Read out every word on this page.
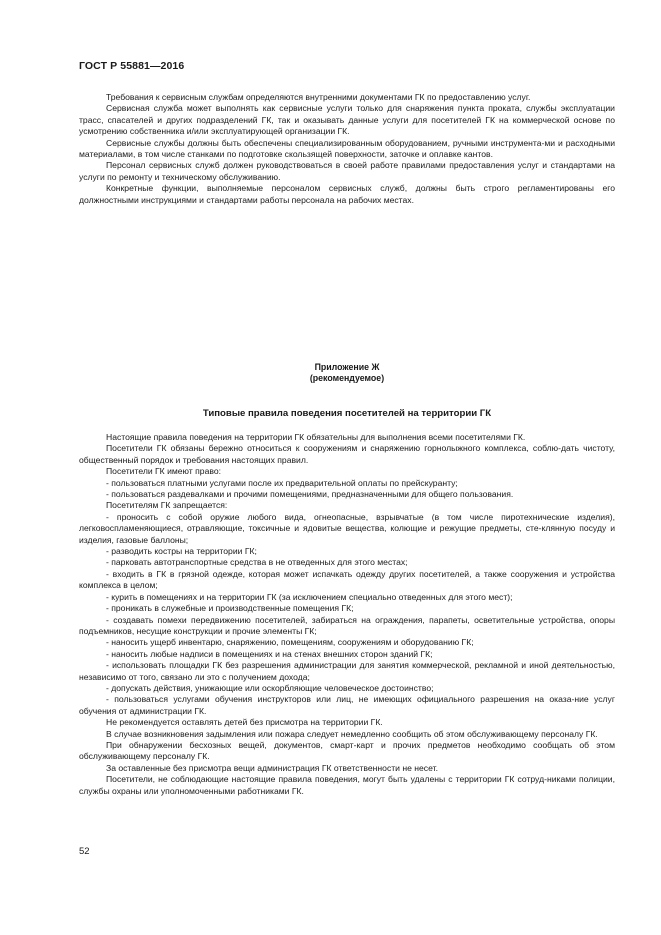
ГОСТ Р 55881—2016

Требования к сервисным службам определяются внутренними документами ГК по предоставлению услуг.

Сервисная служба может выполнять как сервисные услуги только для снаряжения пункта проката, службы эксплуатации трасс, спасателей и других подразделений ГК, так и оказывать данные услуги для посетителей ГК на коммерческой основе по усмотрению собственника и/или эксплуатирующей организации ГК.

Сервисные службы должны быть обеспечены специализированным оборудованием, ручными инструмента-ми и расходными материалами, в том числе станками по подготовке скользящей поверхности, заточке и оплавке кантов.

Персонал сервисных служб должен руководствоваться в своей работе правилами предоставления услуг и стандартами на услуги по ремонту и техническому обслуживанию.

Конкретные функции, выполняемые персоналом сервисных служб, должны быть строго регламентированы его должностными инструкциями и стандартами работы персонала на рабочих местах.

Приложение Ж
(рекомендуемое)
Типовые правила поведения посетителей на территории ГК

Настоящие правила поведения на территории ГК обязательны для выполнения всеми посетителями ГК.

Посетители ГК обязаны бережно относиться к сооружениям и снаряжению горнолыжного комплекса, соблю-дать чистоту, общественный порядок и требования настоящих правил.

Посетители ГК имеют право:

- пользоваться платными услугами после их предварительной оплаты по прейскуранту;

- пользоваться раздевалками и прочими помещениями, предназначенными для общего пользования.

Посетителям ГК запрещается:

- проносить с собой оружие любого вида, огнеопасные, взрывчатые (в том числе пиротехнические изделия), легковоспламеняющиеся, отравляющие, токсичные и ядовитые вещества, колющие и режущие предметы, сте-клянную посуду и изделия, газовые баллоны;

- разводить костры на территории ГК;

- парковать автотранспортные средства в не отведенных для этого местах;

- входить в ГК в грязной одежде, которая может испачкать одежду других посетителей, а также сооружения и устройства комплекса в целом;

- курить в помещениях и на территории ГК (за исключением специально отведенных для этого мест);

- проникать в служебные и производственные помещения ГК;

- создавать помехи передвижению посетителей, забираться на ограждения, парапеты, осветительные устройства, опоры подъемников, несущие конструкции и прочие элементы ГК;

- наносить ущерб инвентарю, снаряжению, помещениям, сооружениям и оборудованию ГК;

- наносить любые надписи в помещениях и на стенах внешних сторон зданий ГК;

- использовать площадки ГК без разрешения администрации для занятия коммерческой, рекламной и иной деятельностью, независимо от того, связано ли это с получением дохода;

- допускать действия, унижающие или оскорбляющие человеческое достоинство;

- пользоваться услугами обучения инструкторов или лиц, не имеющих официального разрешения на оказа-ние услуг обучения от администрации ГК.

Не рекомендуется оставлять детей без присмотра на территории ГК.

В случае возникновения задымления или пожара следует немедленно сообщить об этом обслуживающему персоналу ГК.

При обнаружении бесхозных вещей, документов, смарт-карт и прочих предметов необходимо сообщать об этом обслуживающему персоналу ГК.

За оставленные без присмотра вещи администрация ГК ответственности не несет.

Посетители, не соблюдающие настоящие правила поведения, могут быть удалены с территории ГК сотруд-никами полиции, службы охраны или уполномоченными работниками ГК.

52
